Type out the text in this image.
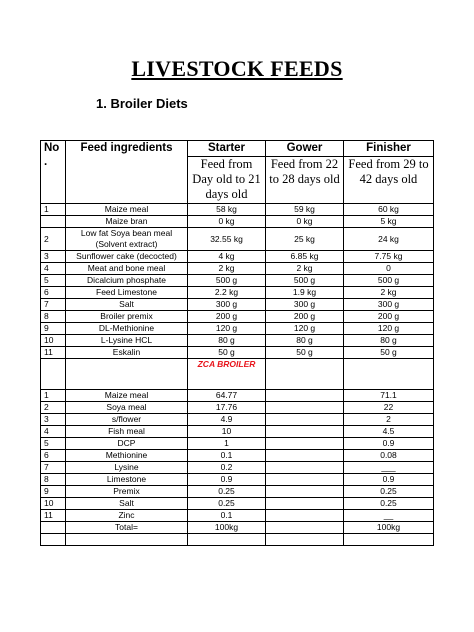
LIVESTOCK FEEDS
1. Broiler Diets
No .	Feed ingredients	Starter	Gower	Finisher
		Feed from Day old to 21 days old	Feed from 22 to 28 days old	Feed from 29 to 42 days old
1	Maize meal	58 kg	59 kg	60 kg
	Maize bran	0 kg	0 kg	5 kg
2	Low fat Soya bean meal (Solvent extract)	32.55 kg	25 kg	24 kg
3	Sunflower cake (decocted)	4 kg	6.85 kg	7.75 kg
4	Meat and bone meal	2 kg	2 kg	0
5	Dicalcium phosphate	500 g	500 g	500 g
6	Feed Limestone	2.2 kg	1.9 kg	2 kg
7	Salt	300 g	300 g	300 g
8	Broiler premix	200 g	200 g	200 g
9	DL-Methionine	120 g	120 g	120 g
10	L-Lysine HCL	80 g	80 g	80 g
11	Eskalin	50 g	50 g	50 g
		ZCA BROILER		
1	Maize meal	64.77		71.1
2	Soya meal	17.76		22
3	s/flower	4.9		2
4	Fish meal	10		4.5
5	DCP	1		0.9
6	Methionine	0.1		0.08
7	Lysine	0.2		___
8	Limestone	0.9		0.9
9	Premix	0.25		0.25
10	Salt	0.25		0.25
11	Zinc	0.1		__
	Total=	100kg		100kg
